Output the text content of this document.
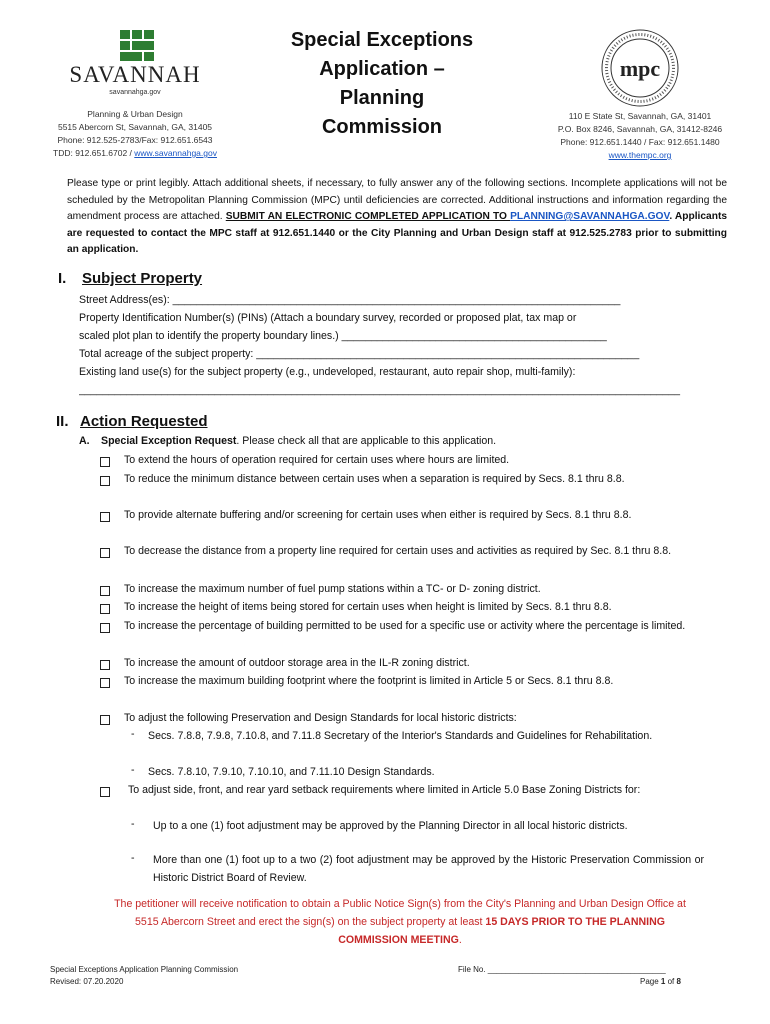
SAVANNAH
savannahga.gov
Planning & Urban Design
5515 Abercorn St, Savannah, GA, 31405
Phone: 912.525-2783/Fax: 912.651.6543
TDD: 912.651.6702 / www.savannahga.gov
Special Exceptions
Application –
Planning
Commission
mpc
110 E State St, Savannah, GA, 31401
P.O. Box 8246, Savannah, GA, 31412-8246
Phone: 912.651.1440 / Fax: 912.651.1480
www.thempc.org
Please type or print legibly. Attach additional sheets, if necessary, to fully answer any of the following sections. Incomplete applications will not be scheduled by the Metropolitan Planning Commission (MPC) until deficiencies are corrected. Additional instructions and information regarding the amendment process are attached. SUBMIT AN ELECTRONIC COMPLETED APPLICATION TO PLANNING@SAVANNAHGA.GOV. Applicants are requested to contact the MPC staff at 912.651.1440 or the City Planning and Urban Design staff at 912.525.2783 prior to submitting an application.
I. Subject Property
Street Address(es): ____________________________________________________________________________
Property Identification Number(s) (PINs) (Attach a boundary survey, recorded or proposed plat, tax map or
scaled plot plan to identify the property boundary lines.) _____________________________________________
Total acreage of the subject property: _________________________________________________________________
Existing land use(s) for the subject property (e.g., undeveloped, restaurant, auto repair shop, multi-family):
______________________________________________________________________________________________________
II. Action Requested
A. Special Exception Request. Please check all that are applicable to this application.
To extend the hours of operation required for certain uses where hours are limited.
To reduce the minimum distance between certain uses when a separation is required by Secs. 8.1 thru 8.8.
To provide alternate buffering and/or screening for certain uses when either is required by Secs. 8.1 thru 8.8.
To decrease the distance from a property line required for certain uses and activities as required by Sec. 8.1 thru 8.8.
To increase the maximum number of fuel pump stations within a TC- or D- zoning district.
To increase the height of items being stored for certain uses when height is limited by Secs. 8.1 thru 8.8.
To increase the percentage of building permitted to be used for a specific use or activity where the percentage is limited.
To increase the amount of outdoor storage area in the IL-R zoning district.
To increase the maximum building footprint where the footprint is limited in Article 5 or Secs. 8.1 thru 8.8.
To adjust the following Preservation and Design Standards for local historic districts:
- Secs. 7.8.8, 7.9.8, 7.10.8, and 7.11.8 Secretary of the Interior's Standards and Guidelines for Rehabilitation.
- Secs. 7.8.10, 7.9.10, 7.10.10, and 7.11.10 Design Standards.
To adjust side, front, and rear yard setback requirements where limited in Article 5.0 Base Zoning Districts for:
- Up to a one (1) foot adjustment may be approved by the Planning Director in all local historic districts.
- More than one (1) foot up to a two (2) foot adjustment may be approved by the Historic Preservation Commission or Historic District Board of Review.
The petitioner will receive notification to obtain a Public Notice Sign(s) from the City's Planning and Urban Design Office at 5515 Abercorn Street and erect the sign(s) on the subject property at least 15 DAYS PRIOR TO THE PLANNING COMMISSION MEETING.
Special Exceptions Application Planning Commission
Revised: 07.20.2020
File No. ________________________________________
Page 1 of 8
